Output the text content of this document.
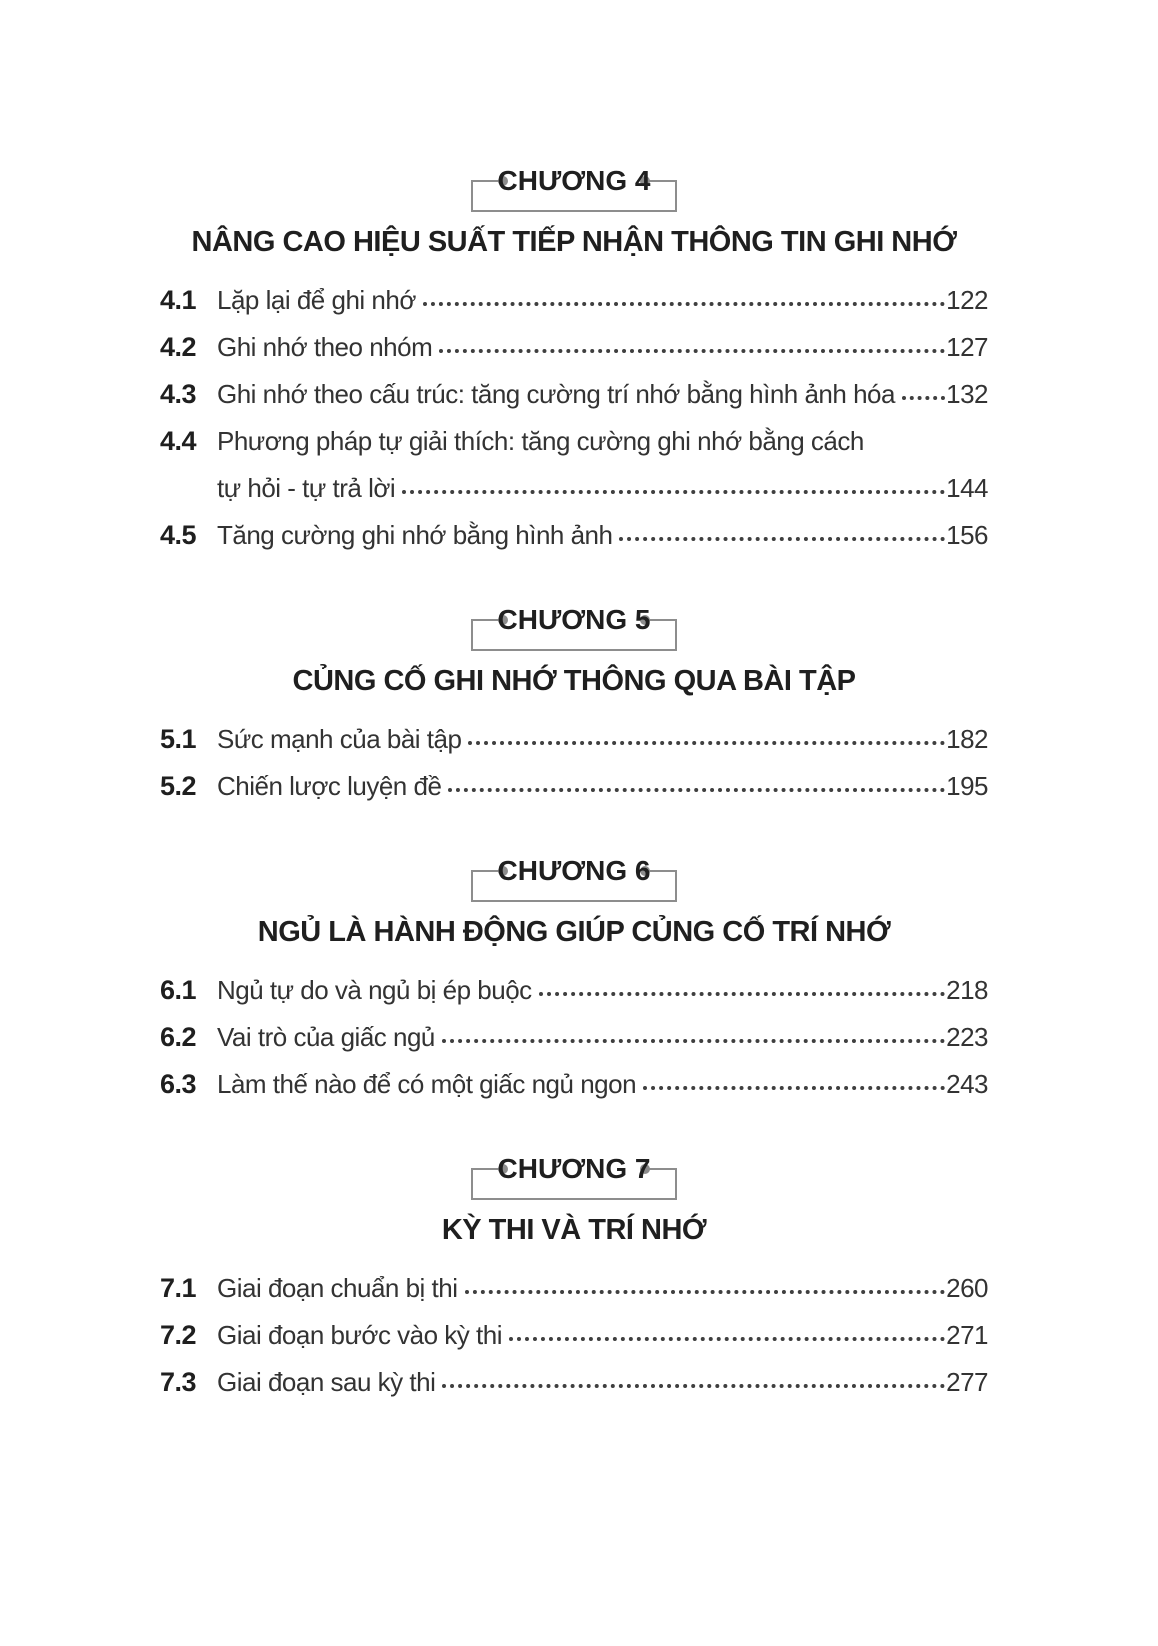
CHƯƠNG 4
NÂNG CAO HIỆU SUẤT TIẾP NHẬN THÔNG TIN GHI NHỚ
4.1 Lặp lại để ghi nhớ	122
4.2 Ghi nhớ theo nhóm	127
4.3 Ghi nhớ theo cấu trúc: tăng cường trí nhớ bằng hình ảnh hóa 132
4.4 Phương pháp tự giải thích: tăng cường ghi nhớ bằng cách
tự hỏi - tự trả lời	144
4.5 Tăng cường ghi nhớ bằng hình ảnh	156
CHƯƠNG 5
CỦNG CỐ GHI NHỚ THÔNG QUA BÀI TẬP
5.1 Sức mạnh của bài tập	182
5.2 Chiến lược luyện đề	195
CHƯƠNG 6
NGỦ LÀ HÀNH ĐỘNG GIÚP CỦNG CỐ TRÍ NHỚ
6.1 Ngủ tự do và ngủ bị ép buộc	218
6.2 Vai trò của giấc ngủ	223
6.3 Làm thế nào để có một giấc ngủ ngon	243
CHƯƠNG 7
KỲ THI VÀ TRÍ NHỚ
7.1 Giai đoạn chuẩn bị thi	260
7.2 Giai đoạn bước vào kỳ thi	271
7.3 Giai đoạn sau kỳ thi	277
